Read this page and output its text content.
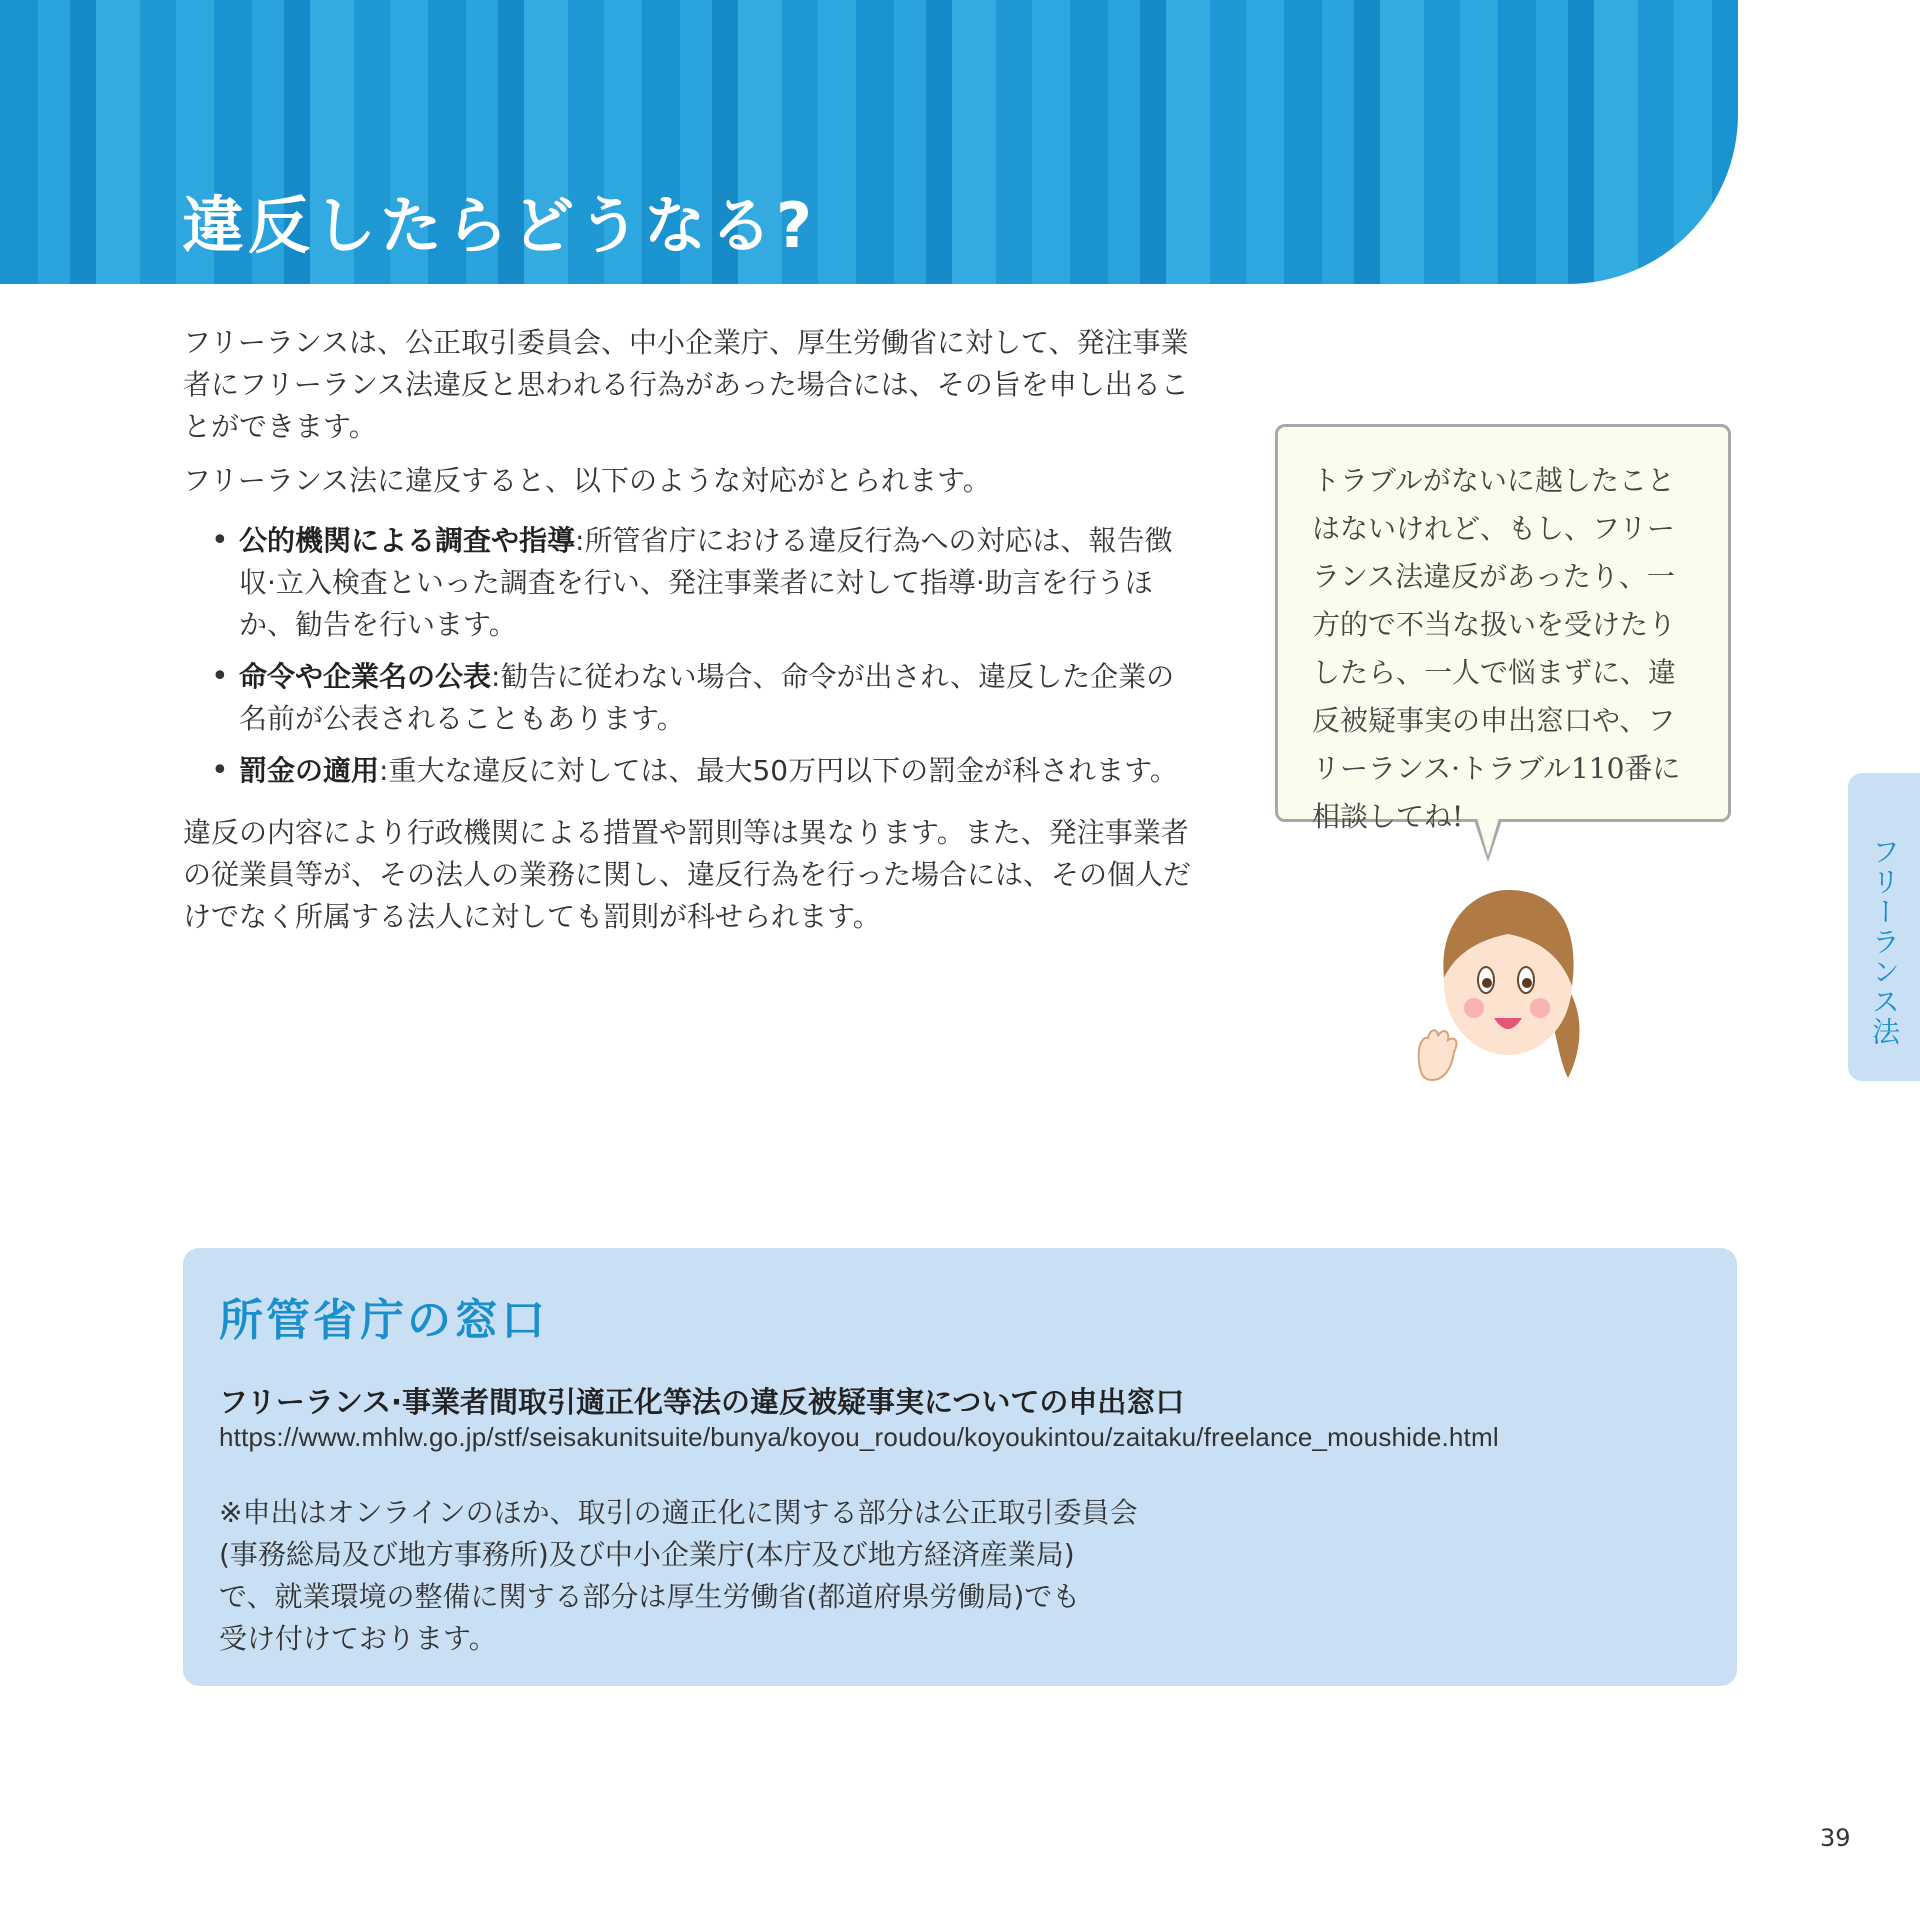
違反したらどうなる?

フリーランスは、公正取引委員会、中小企業庁、厚生労働省に対して、発注事業者にフリーランス法違反と思われる行為があった場合には、その旨を申し出ることができます。

フリーランス法に違反すると、以下のような対応がとられます。

• 公的機関による調査や指導:所管省庁における違反行為への対応は、報告徴収·立入検査といった調査を行い、発注事業者に対して指導·助言を行うほか、勧告を行います。
• 命令や企業名の公表:勧告に従わない場合、命令が出され、違反した企業の名前が公表されることもあります。
• 罰金の適用:重大な違反に対しては、最大50万円以下の罰金が科されます。

違反の内容により行政機関による措置や罰則等は異なります。また、発注事業者の従業員等が、その法人の業務に関し、違反行為を行った場合には、その個人だけでなく所属する法人に対しても罰則が科せられます。

トラブルがないに越したことはないけれど、もし、フリーランス法違反があったり、一方的で不当な扱いを受けたりしたら、一人で悩まずに、違反被疑事実の申出窓口や、フリーランス·トラブル110番に相談してね!
フリーランス法
所管省庁の窓口
フリーランス·事業者間取引適正化等法の違反被疑事実についての申出窓口
https://www.mhlw.go.jp/stf/seisakunitsuite/bunya/koyou_roudou/koyoukintou/zaitaku/freelance_moushide.html
※申出はオンラインのほか、取引の適正化に関する部分は公正取引委員会
(事務総局及び地方事務所)及び中小企業庁(本庁及び地方経済産業局)
で、就業環境の整備に関する部分は厚生労働省(都道府県労働局)でも
受け付けております。
39
